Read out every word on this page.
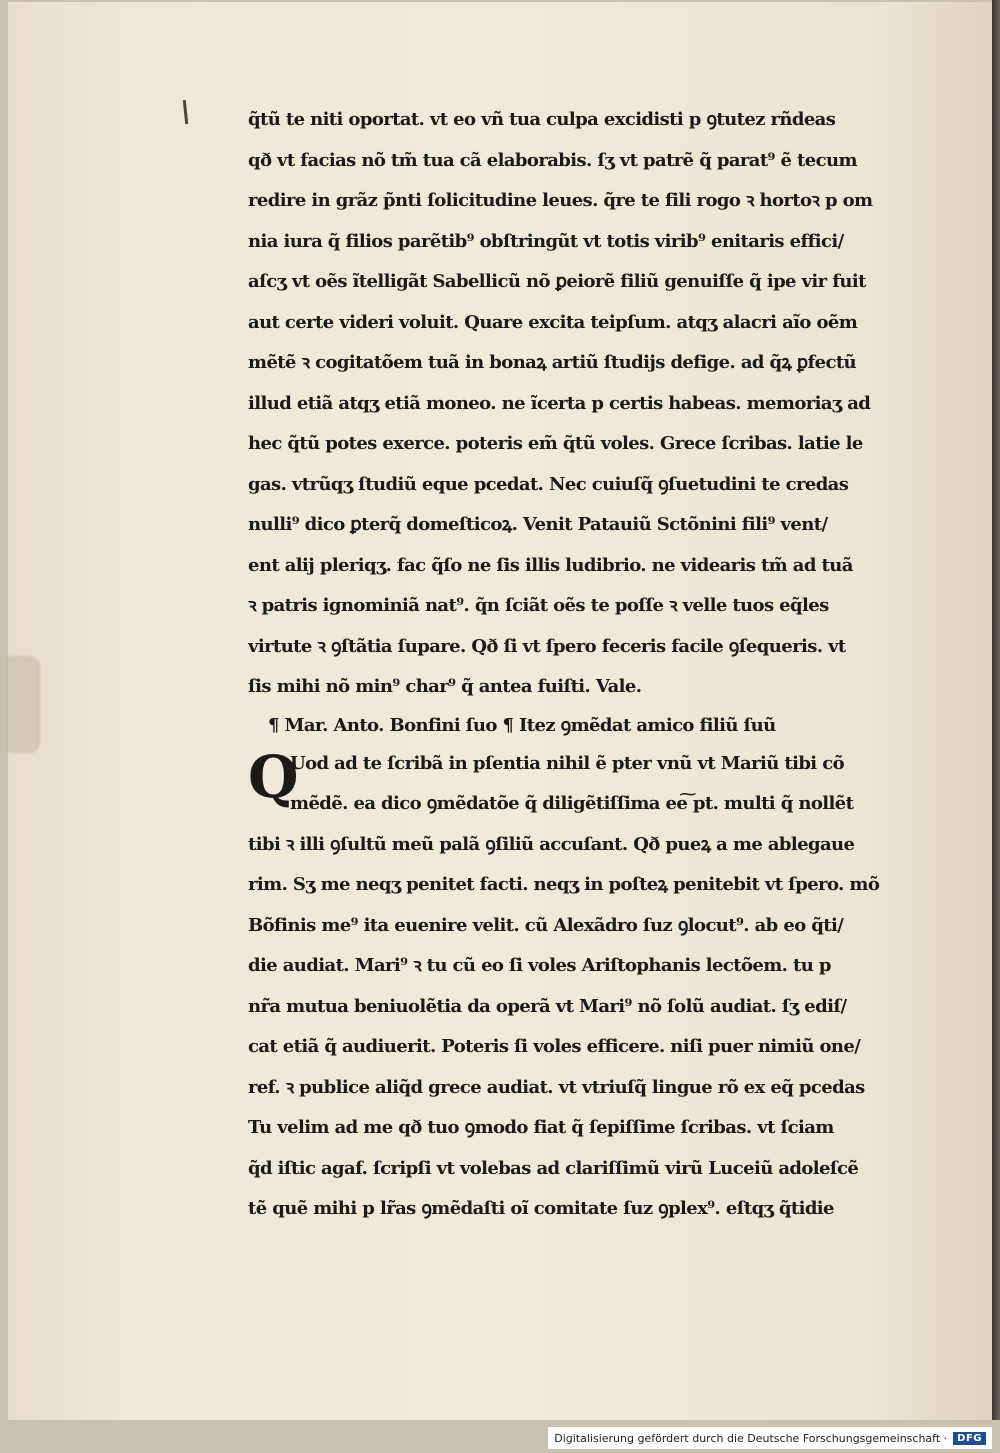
q̃tũ te niti oportat. vt eo vñ tua culpa excidisti p ꝯtutez rñdeas
qð vt facias nõ tm̃ tua cã elaborabis. ſʒ vt patrẽ q̃ parat⁹ ẽ tecum
redire in grãz p̃nti ſolicitudine leues. q̃re te fili rogo ꝛ hortoꝛ p om
nia iura q̃ filios parẽtib⁹ obſtringũt vt totis virib⁹ enitaris effici/
aſcʒ vt oẽs ĩtelligãt Sabellicũ nõ ꝑeiorẽ filiũ genuiſſe q̃ ipe vir fuit
aut certe videri voluit. Quare excita teipſum. atqʒ alacri aĩo oẽm
mẽtẽ ꝛ cogitatõem tuã in bonaꝝ artiũ ſtudijs defige. ad q̃ꝝ ꝑfectũ
illud etiã atqʒ etiã moneo. ne ĩcerta p certis habeas. memoriaʒ ad
hec q̃tũ potes exerce. poteris em̃ q̃tũ voles. Grece ſcribas. latie le
gas. vtrũqʒ ſtudiũ eque pcedat. Nec cuiuſq̃ ꝯſuetudini te credas
nulli⁹ dico ꝑterq̃ domeſticoꝝ. Venit Patauiũ Sctõnini fili⁹ vent/
ent alij pleriqʒ. fac q̃ſo ne ſis illis ludibrio. ne videaris tm̃ ad tuã
ꝛ patris ignominiã nat⁹. q̃n ſciãt oẽs te poſſe ꝛ velle tuos eq̃les
virtute ꝛ ꝯſtãtia ſupare. Qð ſi vt ſpero feceris facile ꝯſequeris. vt
ſis mihi nõ min⁹ char⁹ q̃ antea fuiſti. Vale.
¶ Mar. Anto. Bonfini ſuo ¶ Itez ꝯmẽdat amico filiũ ſuũ
Q
Uod ad te ſcribã in pſentia nihil ẽ pter vnũ vt Mariũ tibi cõ
mẽdẽ. ea dico ꝯmẽdatõe q̃ diligẽtiſſima ee͠ pt. multi q̃ nollẽt
tibi ꝛ illi ꝯſultũ meũ palã ꝯſiliũ accuſant. Qð pueꝝ a me ablegaue
rim. Sʒ me neqʒ penitet facti. neqʒ in poſteꝝ penitebit vt ſpero. mõ
Bõfinis me⁹ ita euenire velit. cũ Alexãdro ſuz ꝯlocut⁹. ab eo q̃ti/
die audiat. Mari⁹ ꝛ tu cũ eo ſi voles Ariſtophanis lectõem. tu p
nr̃a mutua beniuolẽtia da operã vt Mari⁹ nõ ſolũ audiat. ſʒ ediſ/
cat etiã q̃ audiuerit. Poteris ſi voles efficere. niſi puer nimiũ one/
ref. ꝛ publice aliq̃d grece audiat. vt vtriuſq̃ lingue rõ ex eq̃ pcedas
Tu velim ad me qð tuo ꝯmodo fiat q̃ ſepiſſime ſcribas. vt ſciam
q̃d iſtic agaf. ſcripſi vt volebas ad clariſſimũ virũ Luceiũ adoleſcẽ
tẽ quẽ mihi p lr̃as ꝯmẽdaſti oĩ comitate ſuz ꝯplex⁹. eſtqʒ q̃tidie
Digitalisierung gefördert durch die Deutsche Forschungsgemeinschaft ·	DFG
